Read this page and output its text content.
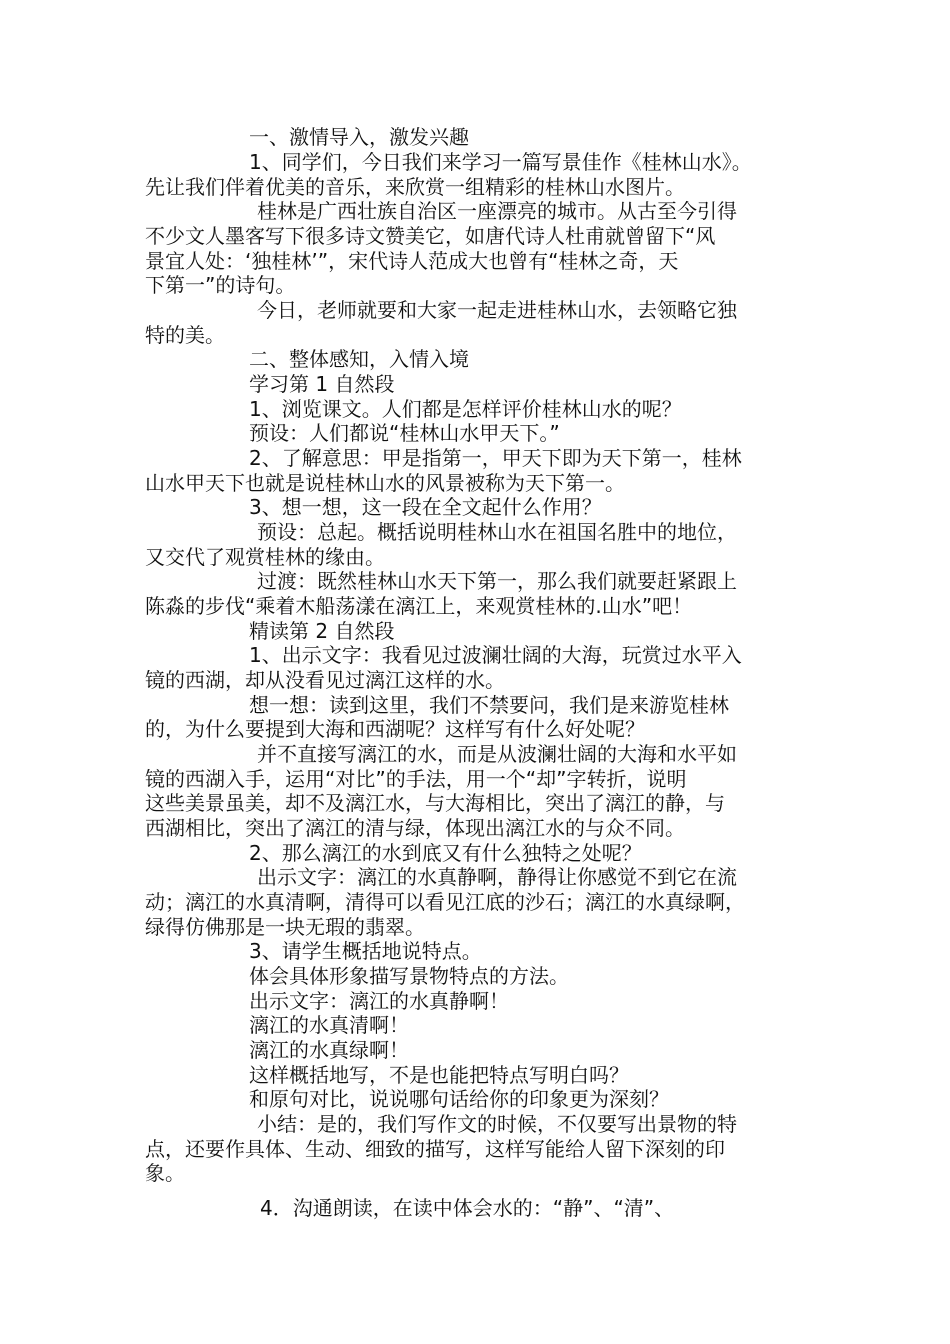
一、激情导入，激发兴趣
1、同学们，今日我们来学习一篇写景佳作《桂林山水》。
先让我们伴着优美的音乐，来欣赏一组精彩的桂林山水图片。
桂林是广西壮族自治区一座漂亮的城市。从古至今引得
不少文人墨客写下很多诗文赞美它，如唐代诗人杜甫就曾留下“风
景宜人处：‘独桂林’”，宋代诗人范成大也曾有“桂林之奇，天
下第一”的诗句。
今日，老师就要和大家一起走进桂林山水，去领略它独
特的美。
二、整体感知，入情入境
学习第 1 自然段
1、浏览课文。人们都是怎样评价桂林山水的呢？
预设：人们都说“桂林山水甲天下。”
2、了解意思：甲是指第一，甲天下即为天下第一，桂林
山水甲天下也就是说桂林山水的风景被称为天下第一。
3、想一想，这一段在全文起什么作用？
预设：总起。概括说明桂林山水在祖国名胜中的地位，
又交代了观赏桂林的缘由。
过渡：既然桂林山水天下第一，那么我们就要赶紧跟上
陈淼的步伐“乘着木船荡漾在漓江上，来观赏桂林的.山水”吧！
精读第 2 自然段
1、出示文字：我看见过波澜壮阔的大海，玩赏过水平入
镜的西湖，却从没看见过漓江这样的水。
想一想：读到这里，我们不禁要问，我们是来游览桂林
的，为什么要提到大海和西湖呢？这样写有什么好处呢？
并不直接写漓江的水，而是从波澜壮阔的大海和水平如
镜的西湖入手，运用“对比”的手法，用一个“却”字转折，说明
这些美景虽美，却不及漓江水，与大海相比，突出了漓江的静，与
西湖相比，突出了漓江的清与绿，体现出漓江水的与众不同。
2、那么漓江的水到底又有什么独特之处呢？
出示文字：漓江的水真静啊，静得让你感觉不到它在流
动；漓江的水真清啊，清得可以看见江底的沙石；漓江的水真绿啊，
绿得仿佛那是一块无瑕的翡翠。
3、请学生概括地说特点。
体会具体形象描写景物特点的方法。
出示文字：漓江的水真静啊！
漓江的水真清啊！
漓江的水真绿啊！
这样概括地写，不是也能把特点写明白吗？
和原句对比，说说哪句话给你的印象更为深刻？
小结：是的，我们写作文的时候，不仅要写出景物的特
点，还要作具体、生动、细致的描写，这样写能给人留下深刻的印
象。
4．沟通朗读，在读中体会水的：“静”、“清”、
